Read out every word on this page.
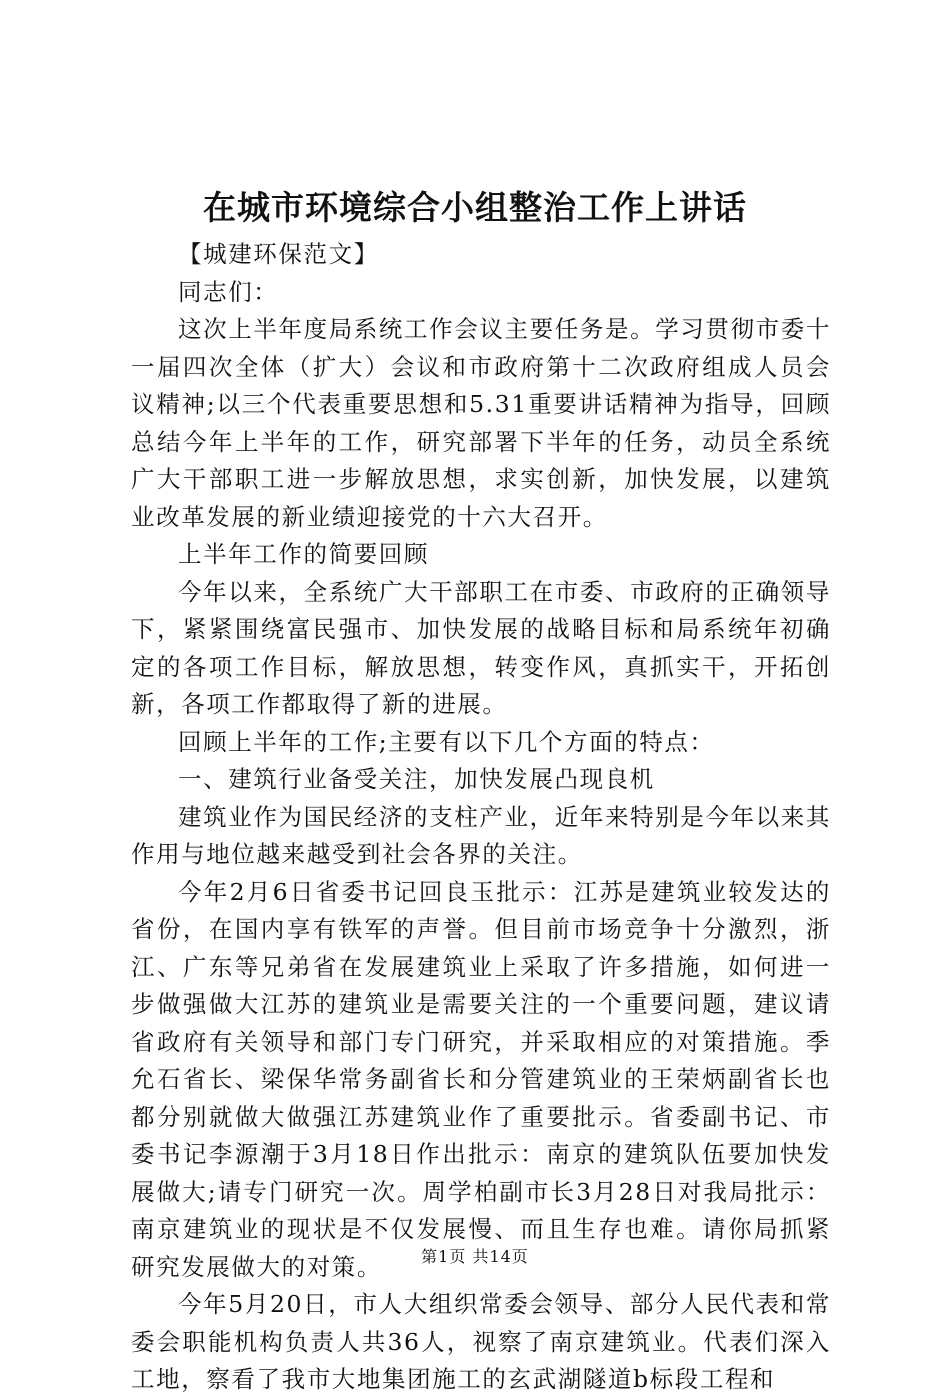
在城市环境综合小组整治工作上讲话

【城建环保范文】

同志们：

这次上半年度局系统工作会议主要任务是。学习贯彻市委十一届四次全体（扩大）会议和市政府第十二次政府组成人员会议精神;以三个代表重要思想和5.31重要讲话精神为指导，回顾总结今年上半年的工作，研究部署下半年的任务，动员全系统广大干部职工进一步解放思想，求实创新，加快发展，以建筑业改革发展的新业绩迎接党的十六大召开。

上半年工作的简要回顾

今年以来，全系统广大干部职工在市委、市政府的正确领导下，紧紧围绕富民强市、加快发展的战略目标和局系统年初确定的各项工作目标，解放思想，转变作风，真抓实干，开拓创新，各项工作都取得了新的进展。

回顾上半年的工作;主要有以下几个方面的特点：

一、建筑行业备受关注，加快发展凸现良机

建筑业作为国民经济的支柱产业，近年来特别是今年以来其作用与地位越来越受到社会各界的关注。

今年2月6日省委书记回良玉批示：江苏是建筑业较发达的省份，在国内享有铁军的声誉。但目前市场竞争十分激烈，浙江、广东等兄弟省在发展建筑业上采取了许多措施，如何进一步做强做大江苏的建筑业是需要关注的一个重要问题，建议请省政府有关领导和部门专门研究，并采取相应的对策措施。季允石省长、梁保华常务副省长和分管建筑业的王荣炳副省长也都分别就做大做强江苏建筑业作了重要批示。省委副书记、市委书记李源潮于3月18日作出批示：南京的建筑队伍要加快发展做大;请专门研究一次。周学柏副市长3月28日对我局批示：南京建筑业的现状是不仅发展慢、而且生存也难。请你局抓紧研究发展做大的对策。

今年5月20日，市人大组织常委会领导、部分人民代表和常委会职能机构负责人共36人，视察了南京建筑业。代表们深入工地，察看了我市大地集团施工的玄武湖隧道b标段工程和

第1页 共14页
